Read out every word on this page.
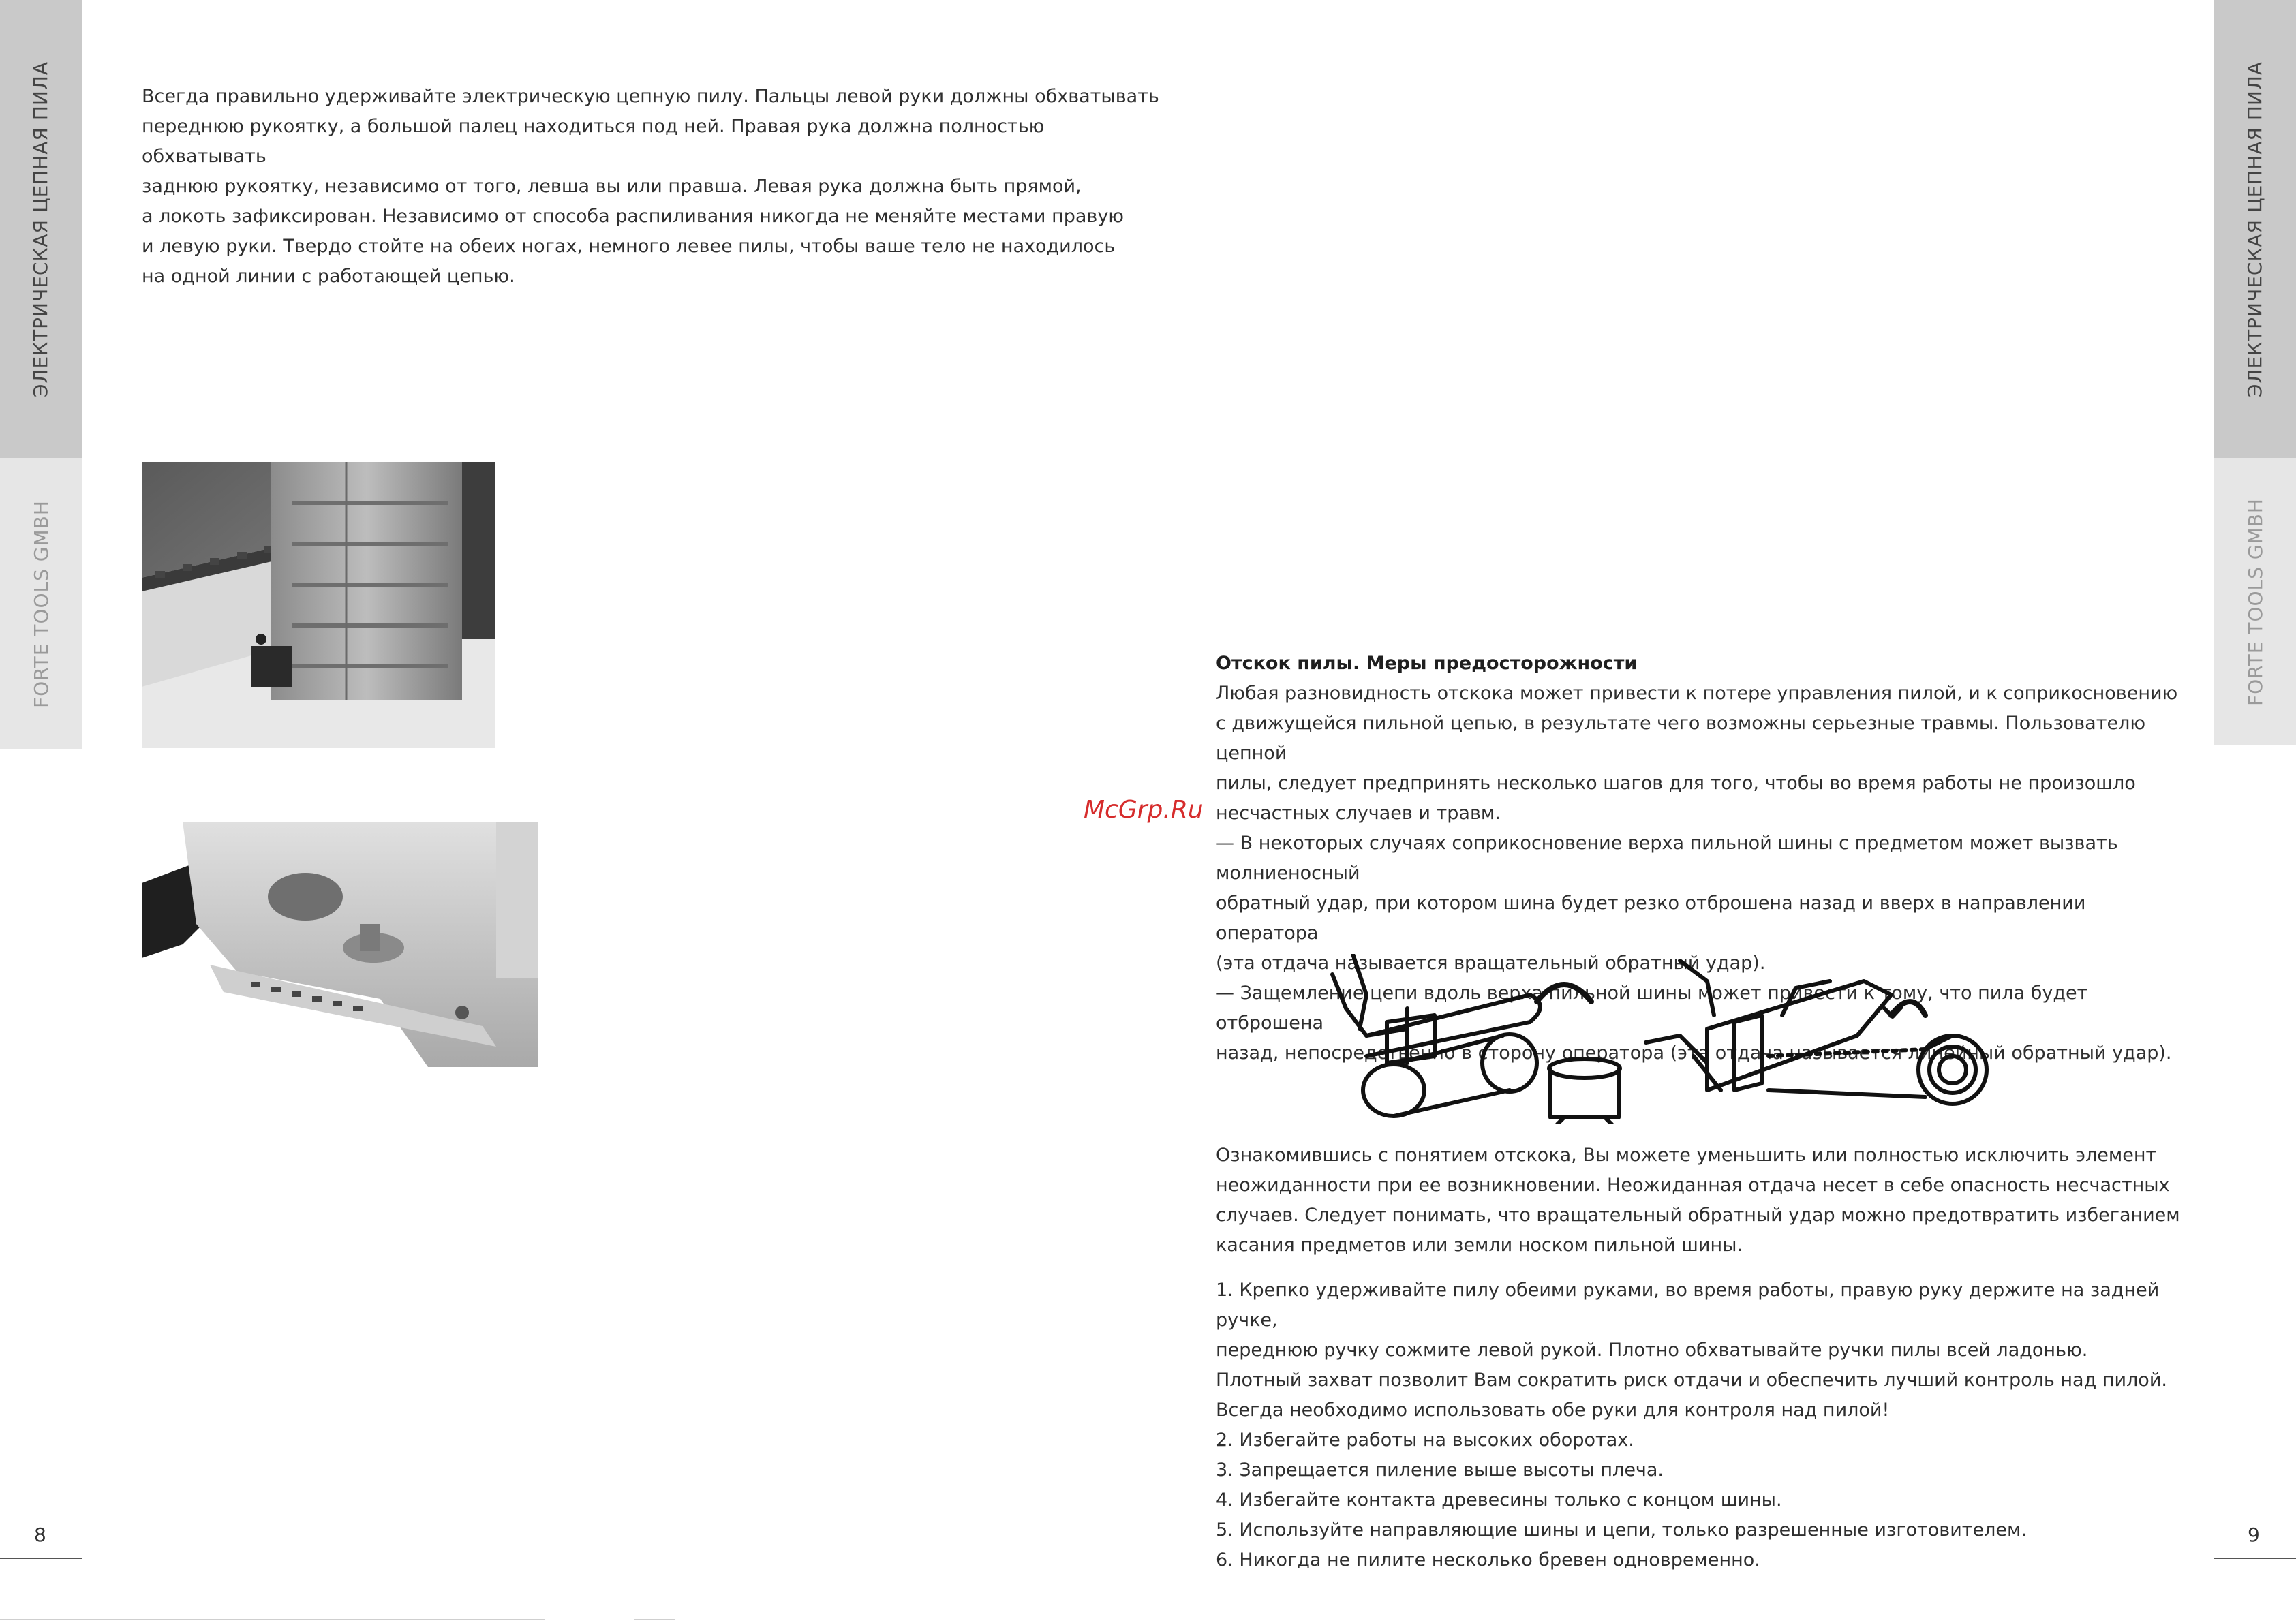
ЭЛЕКТРИЧЕСКАЯ ЦЕПНАЯ ПИЛА
FORTE TOOLS GMBH
ЭЛЕКТРИЧЕСКАЯ ЦЕПНАЯ ПИЛА
FORTE TOOLS GMBH

Всегда правильно удерживайте электрическую цепную пилу. Пальцы левой руки должны обхватывать

переднюю рукоятку, а большой палец находиться под ней. Правая рука должна полностью обхватывать

заднюю рукоятку, независимо от того, левша вы или правша. Левая рука должна быть прямой,

а локоть зафиксирован. Независимо от способа распиливания никогда не меняйте местами правую

и левую руки. Твердо стойте на обеих ногах, немного левее пилы, чтобы ваше тело не находилось

на одной линии с работающей цепью.

8

Отскок пилы. Меры предосторожности

Любая разновидность отскока может привести к потере управления пилой, и к соприкосновению

с движущейся пильной цепью, в результате чего возможны серьезные травмы. Пользователю цепной

пилы, следует предпринять несколько шагов для того, чтобы во время работы не произошло

несчастных случаев и травм.

— В некоторых случаях соприкосновение верха пильной шины с предметом может вызвать молниеносный

обратный удар, при котором шина будет резко отброшена назад и вверх в направлении оператора

(эта отдача называется вращательный обратный удар).

— Защемление цепи вдоль верха пильной шины может привести к тому, что пила будет отброшена

назад, непосредственно в сторону оператора (эта отдача называется линейный обратный удар).

McGrp.Ru

Ознакомившись с понятием отскока, Вы можете уменьшить или полностью исключить элемент

неожиданности при ее возникновении. Неожиданная отдача несет в себе опасность несчастных

случаев. Следует понимать, что вращательный обратный удар можно предотвратить избеганием

касания предметов или земли носком пильной шины.

1. Крепко удерживайте пилу обеими руками, во время работы, правую руку держите на задней ручке,

переднюю ручку сожмите левой рукой. Плотно обхватывайте ручки пилы всей ладонью.

Плотный захват позволит Вам сократить риск отдачи и обеспечить лучший контроль над пилой.

Всегда необходимо использовать обе руки для контроля над пилой!

2. Избегайте работы на высоких оборотах.

3. Запрещается пиление выше высоты плеча.

4. Избегайте контакта древесины только с концом шины.

5. Используйте направляющие шины и цепи, только разрешенные изготовителем.

6. Никогда не пилите несколько бревен одновременно.

9
